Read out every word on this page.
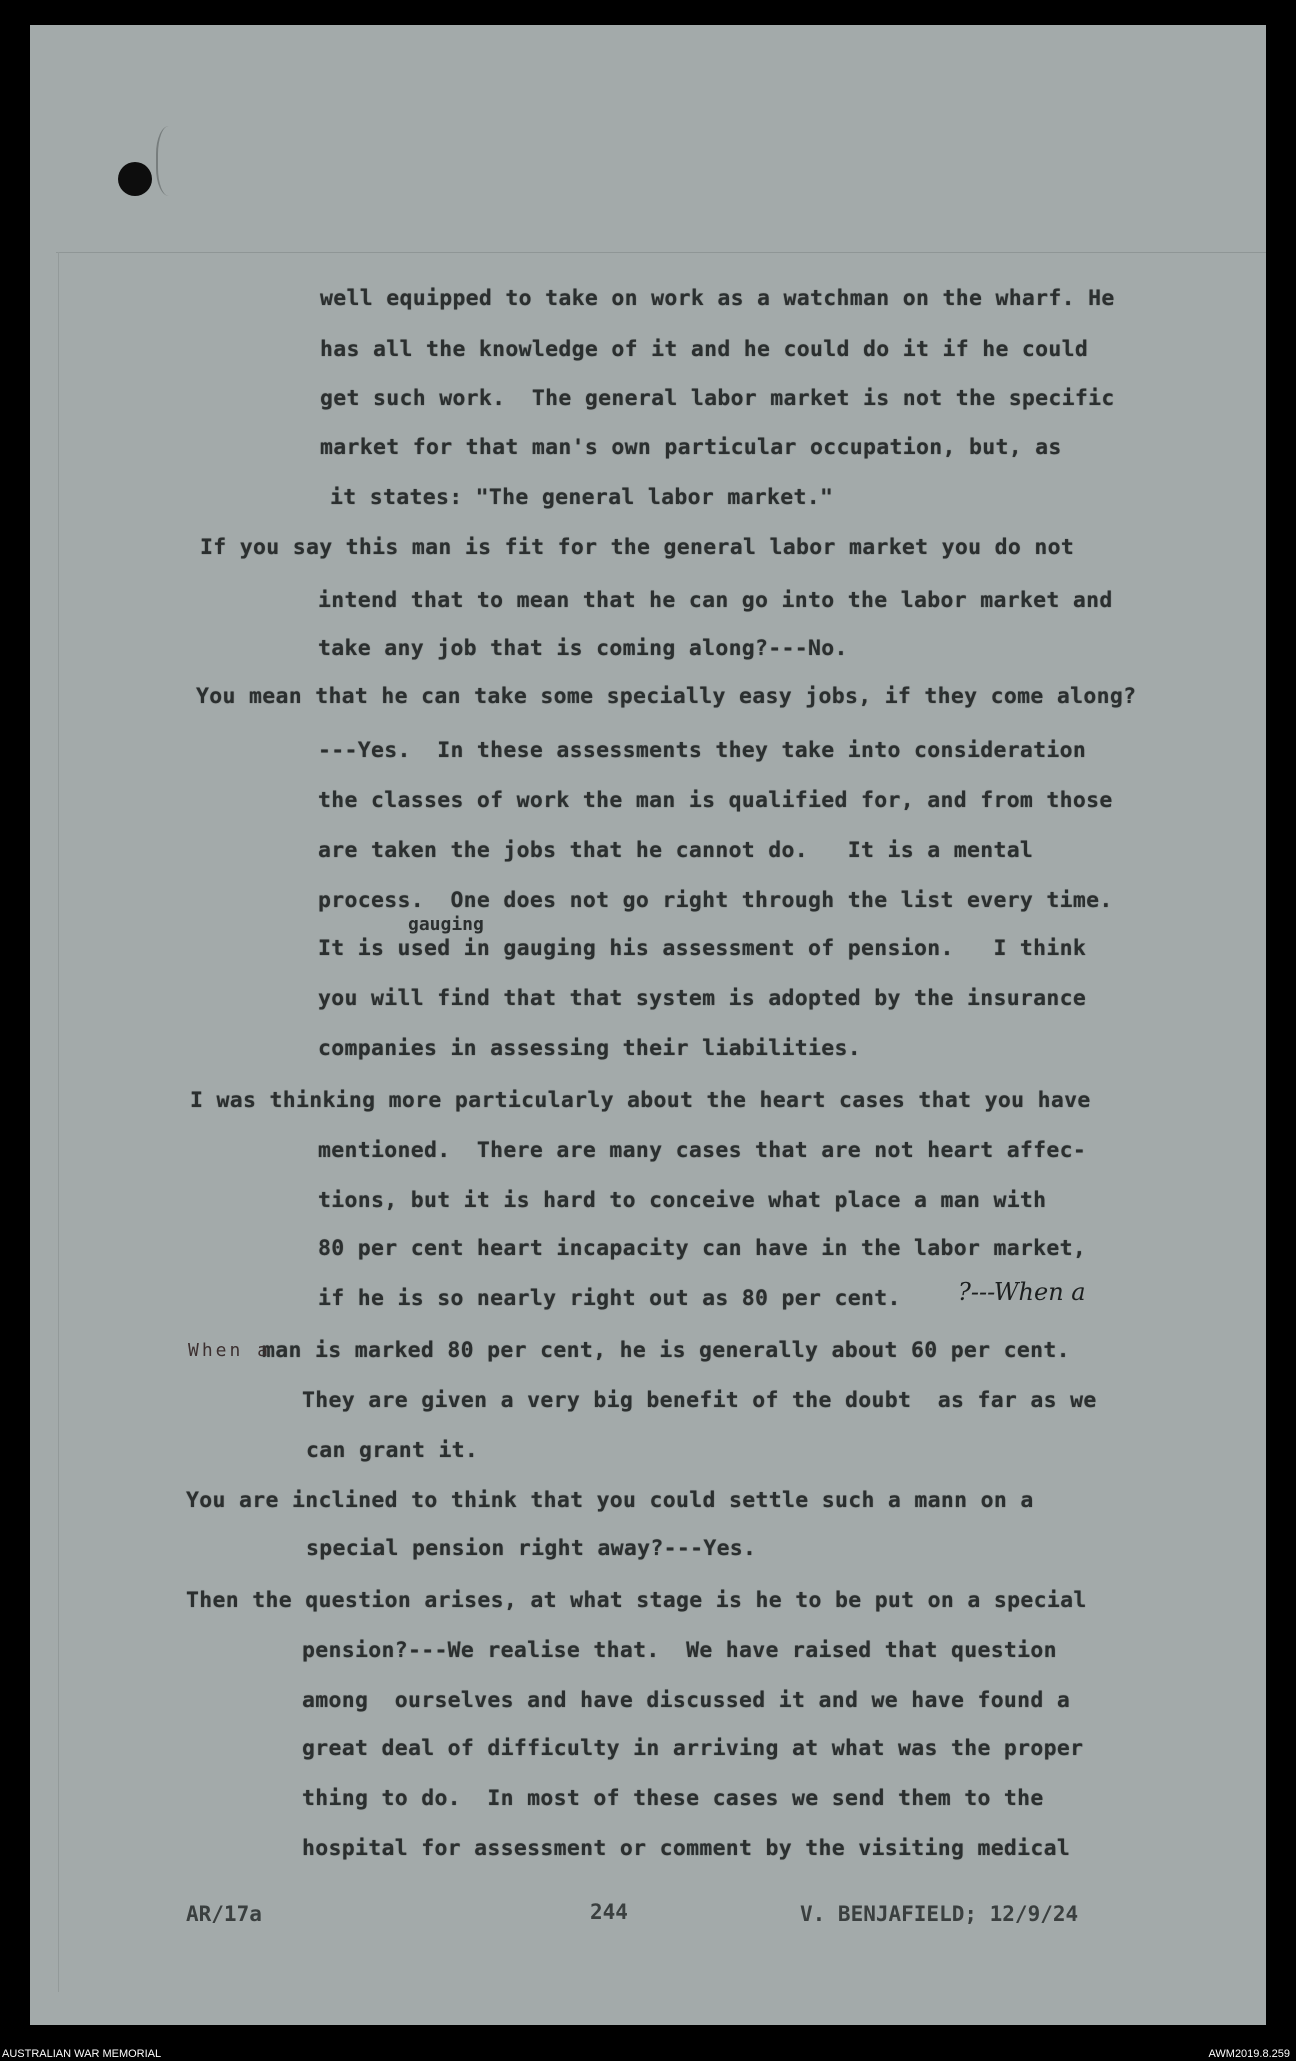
well equipped to take on work as a watchman on the wharf. He
has all the knowledge of it and he could do it if he could
get such work.  The general labor market is not the specific
market for that man's own particular occupation, but, as
it states: "The general labor market."
If you say this man is fit for the general labor market you do not
intend that to mean that he can go into the labor market and
take any job that is coming along?---No.
You mean that he can take some specially easy jobs, if they come along?
---Yes.  In these assessments they take into consideration
the classes of work the man is qualified for, and from those
are taken the jobs that he cannot do.   It is a mental
process.  One does not go right through the list every time.
It is used in gauging his assessment of pension.   I think
you will find that that system is adopted by the insurance
companies in assessing their liabilities.
I was thinking more particularly about the heart cases that you have
mentioned.  There are many cases that are not heart affec-
tions, but it is hard to conceive what place a man with
80 per cent heart incapacity can have in the labor market,
if he is so nearly right out as 80 per cent.
man is marked 80 per cent, he is generally about 60 per cent.
They are given a very big benefit of the doubt  as far as we
can grant it.
You are inclined to think that you could settle such a mann on a
special pension right away?---Yes.
Then the question arises, at what stage is he to be put on a special
pension?---We realise that.  We have raised that question
among  ourselves and have discussed it and we have found a
great deal of difficulty in arriving at what was the proper
thing to do.  In most of these cases we send them to the
hospital for assessment or comment by the visiting medical
gauging
?---When a
When a
AR/17a	244	V. BENJAFIELD; 12/9/24
AUSTRALIAN WAR MEMORIAL	AWM2019.8.259
